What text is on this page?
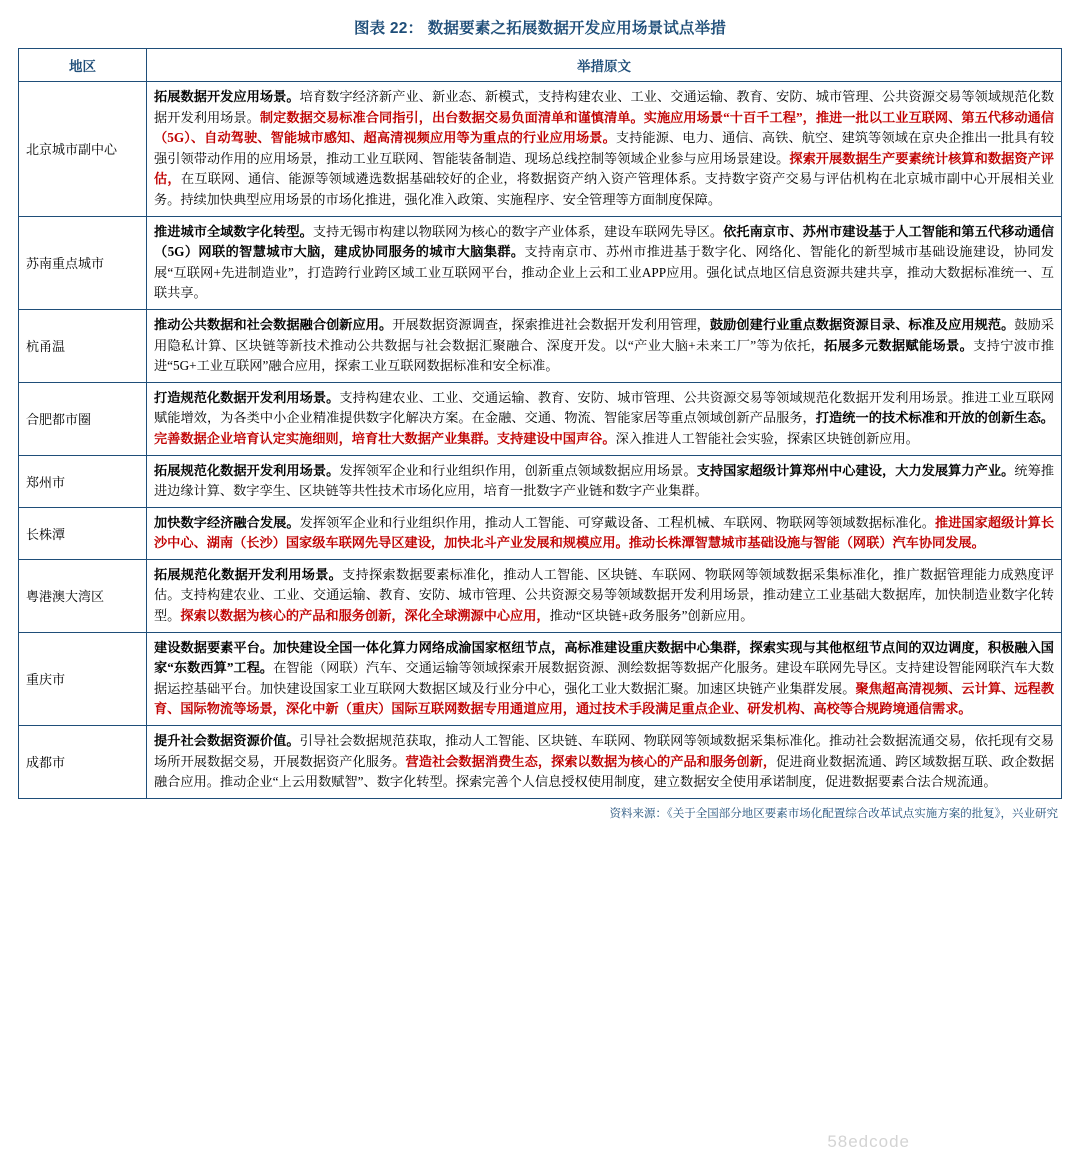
图表 22： 数据要素之拓展数据开发应用场景试点举措
地区	举措原文
北京城市副中心	拓展数据开发应用场景。培育数字经济新产业、新业态、新模式，支持构建农业、工业、交通运输、教育、安防、城市管理、公共资源交易等领域规范化数据开发利用场景。制定数据交易标准合同指引，出台数据交易负面清单和谨慎清单。实施应用场景“十百千工程”，推进一批以工业互联网、第五代移动通信（5G）、自动驾驶、智能城市感知、超高清视频应用等为重点的行业应用场景。支持能源、电力、通信、高铁、航空、建筑等领域在京央企推出一批具有较强引领带动作用的应用场景，推动工业互联网、智能装备制造、现场总线控制等领域企业参与应用场景建设。探索开展数据生产要素统计核算和数据资产评估，在互联网、通信、能源等领域遴选数据基础较好的企业，将数据资产纳入资产管理体系。支持数字资产交易与评估机构在北京城市副中心开展相关业务。持续加快典型应用场景的市场化推进，强化准入政策、实施程序、安全管理等方面制度保障。
苏南重点城市	推进城市全域数字化转型。支持无锡市构建以物联网为核心的数字产业体系，建设车联网先导区。依托南京市、苏州市建设基于人工智能和第五代移动通信（5G）网联的智慧城市大脑，建成协同服务的城市大脑集群。支持南京市、苏州市推进基于数字化、网络化、智能化的新型城市基础设施建设，协同发展“互联网+先进制造业”，打造跨行业跨区域工业互联网平台，推动企业上云和工业APP应用。强化试点地区信息资源共建共享，推动大数据标准统一、互联共享。
杭甬温	推动公共数据和社会数据融合创新应用。开展数据资源调查，探索推进社会数据开发利用管理，鼓励创建行业重点数据资源目录、标准及应用规范。鼓励采用隐私计算、区块链等新技术推动公共数据与社会数据汇聚融合、深度开发。以“产业大脑+未来工厂”等为依托，拓展多元数据赋能场景。支持宁波市推进“5G+工业互联网”融合应用，探索工业互联网数据标准和安全标准。
合肥都市圈	打造规范化数据开发利用场景。支持构建农业、工业、交通运输、教育、安防、城市管理、公共资源交易等领域规范化数据开发利用场景。推进工业互联网赋能增效，为各类中小企业精准提供数字化解决方案。在金融、交通、物流、智能家居等重点领域创新产品服务，打造统一的技术标准和开放的创新生态。完善数据企业培育认定实施细则，培育壮大数据产业集群。支持建设中国声谷。深入推进人工智能社会实验，探索区块链创新应用。
郑州市	拓展规范化数据开发利用场景。发挥领军企业和行业组织作用，创新重点领域数据应用场景。支持国家超级计算郑州中心建设，大力发展算力产业。统筹推进边缘计算、数字孪生、区块链等共性技术市场化应用，培育一批数字产业链和数字产业集群。
长株潭	加快数字经济融合发展。发挥领军企业和行业组织作用，推动人工智能、可穿戴设备、工程机械、车联网、物联网等领域数据标准化。推进国家超级计算长沙中心、湖南（长沙）国家级车联网先导区建设，加快北斗产业发展和规模应用。推动长株潭智慧城市基础设施与智能（网联）汽车协同发展。
粤港澳大湾区	拓展规范化数据开发利用场景。支持探索数据要素标准化，推动人工智能、区块链、车联网、物联网等领域数据采集标准化，推广数据管理能力成熟度评估。支持构建农业、工业、交通运输、教育、安防、城市管理、公共资源交易等领域数据开发利用场景，推动建立工业基础大数据库，加快制造业数字化转型。探索以数据为核心的产品和服务创新，深化全球溯源中心应用，推动“区块链+政务服务”创新应用。
重庆市	建设数据要素平台。加快建设全国一体化算力网络成渝国家枢纽节点，高标准建设重庆数据中心集群，探索实现与其他枢纽节点间的双边调度，积极融入国家“东数西算”工程。在智能（网联）汽车、交通运输等领域探索开展数据资源、测绘数据等数据产化服务。建设车联网先导区。支持建设智能网联汽车大数据运控基础平台。加快建设国家工业互联网大数据区域及行业分中心，强化工业大数据汇聚。加速区块链产业集群发展。聚焦超高清视频、云计算、远程教育、国际物流等场景，深化中新（重庆）国际互联网数据专用通道应用，通过技术手段满足重点企业、研发机构、高校等合规跨境通信需求。
成都市	提升社会数据资源价值。引导社会数据规范获取，推动人工智能、区块链、车联网、物联网等领域数据采集标准化。推动社会数据流通交易，依托现有交易场所开展数据交易，开展数据资产化服务。营造社会数据消费生态，探索以数据为核心的产品和服务创新，促进商业数据流通、跨区域数据互联、政企数据融合应用。推动企业“上云用数赋智”、数字化转型。探索完善个人信息授权使用制度，建立数据安全使用承诺制度，促进数据要素合法合规流通。
资料来源：《关于全国部分地区要素市场化配置综合改革试点实施方案的批复》，兴业研究
58edcode
